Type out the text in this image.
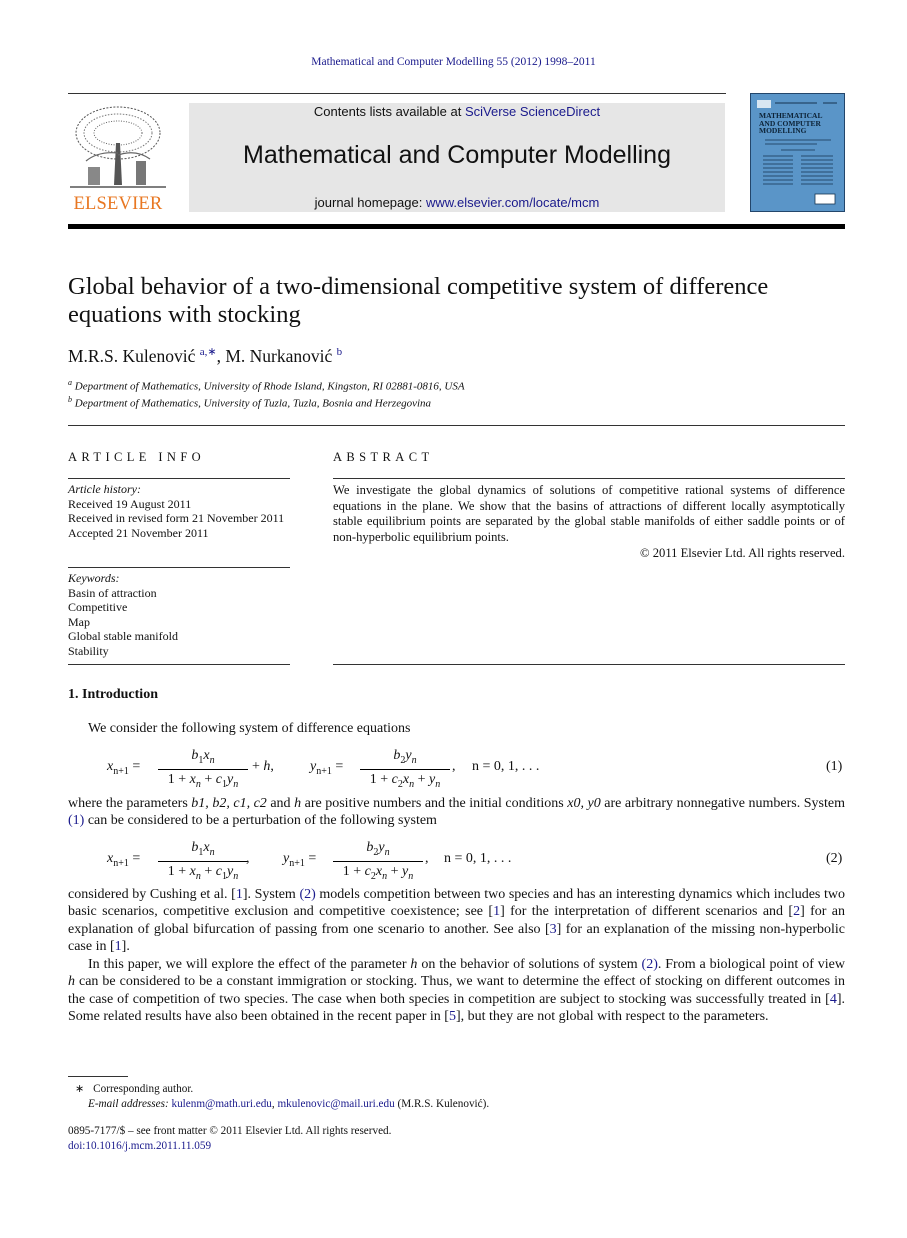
Mathematical and Computer Modelling 55 (2012) 1998–2011
ELSEVIER
Contents lists available at SciVerse ScienceDirect
Mathematical and Computer Modelling
journal homepage: www.elsevier.com/locate/mcm
MATHEMATICAL AND COMPUTER MODELLING
Global behavior of a two-dimensional competitive system of difference equations with stocking
M.R.S. Kulenović $^{a,∗}$, M. Nurkanović $^b$
$^a$ Department of Mathematics, University of Rhode Island, Kingston, RI 02881-0816, USA
$^b$ Department of Mathematics, University of Tuzla, Tuzla, Bosnia and Herzegovina
ARTICLE INFO	ABSTRACT
Article history:
Received 19 August 2011
Received in revised form 21 November 2011
Accepted 21 November 2011
Keywords:
Basin of attraction
Competitive
Map
Global stable manifold
Stability
We investigate the global dynamics of solutions of competitive rational systems of difference equations in the plane. We show that the basins of attractions of different locally asymptotically stable equilibrium points are separated by the global stable manifolds of either saddle points or of non-hyperbolic equilibrium points.
© 2011 Elsevier Ltd. All rights reserved.
1. Introduction
We consider the following system of difference equations
$x_{n+1}$ =
$b_1x_n$
$1 + x_n + c_1y_n$
+ h,	$y_{n+1}$ =
$b_2y_n$
$1 + c_2x_n + y_n$
, n = 0, 1, . . .	(1)
where the parameters b1, b2, c1, c2 and h are positive numbers and the initial conditions x0, y0 are arbitrary nonnegative numbers. System (1) can be considered to be a perturbation of the following system
$x_{n+1}$ =
$b_1x_n$
$1 + x_n + c_1y_n$
, $y_{n+1}$ =
$b_2y_n$
$1 + c_2x_n + y_n$
, n = 0, 1, . . .	(2)
considered by Cushing et al. [1]. System (2) models competition between two species and has an interesting dynamics which includes two basic scenarios, competitive exclusion and competitive coexistence; see [1] for the interpretation of different scenarios and [2] for an explanation of global bifurcation of passing from one scenario to another. See also [3] for an explanation of the missing non-hyperbolic case in [1].
In this paper, we will explore the effect of the parameter h on the behavior of solutions of system (2). From a biological point of view h can be considered to be a constant immigration or stocking. Thus, we want to determine the effect of stocking on different outcomes in the case of competition of two species. The case when both species in competition are subject to stocking was successfully treated in [4]. Some related results have also been obtained in the recent paper in [5], but they are not global with respect to the parameters.
∗ Corresponding author.
E-mail addresses: kulenm@math.uri.edu, mkulenovic@mail.uri.edu (M.R.S. Kulenović).
0895-7177/$ – see front matter © 2011 Elsevier Ltd. All rights reserved.
doi:10.1016/j.mcm.2011.11.059
